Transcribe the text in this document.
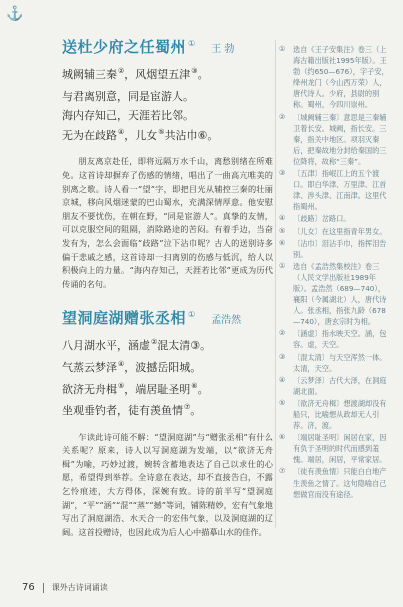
⚓
送杜少府之任蜀州 ①
王 勃
城阙辅三秦②，风烟望五津③。
与君离别意，同是宦游人。
海内存知己，天涯若比邻。
无为在歧路④，儿女⑤共沾巾⑥。
朋友离京赴任，即将远隔万水千山，离愁别绪在所难免。这首诗却摒弃了伤感的情绪，唱出了一曲高亢唯美的别离之歌。诗人看一“望”字，即把目光从辅控三秦的壮丽京城，移向风烟迷蒙的巴山蜀水，充满深情厚意。他安慰朋友不要忧伤，在朝在野，“同是宦游人”。真挚的友情，可以克服空间的阻隔，消除路途的苦闷。有着手边，当奋发有为，怎么会面临“歧路”泣下沾巾呢？古人的送别诗多偏于悲戚之感，这首诗却一扫离别的伤感与低沉，给人以积极向上的力量。“海内存知己，天涯若比邻”更成为历代传诵的名句。
望洞庭湖赠张丞相 ①
孟浩然
八月湖水平，涵虚②混太清③。
气蒸云梦泽④，波撼岳阳城。
欲济无舟楫⑤，端居耻圣明⑥。
坐观垂钓者，徒有羡鱼情⑦。
乍读此诗可能不解：“望洞庭湖”与“赠张丞相”有什么关系呢？原来，诗人以写洞庭湖为发端，以“欲济无舟楫”为喻，巧妙过渡，婉转含蓄地表达了自己以求仕的心愿，希望得到举荐。全诗意在表达，却不直接告白，不露乞怜痕迹，大方得体，深婉有致。诗的前半写“望洞庭湖”，“平”“涵”“混”“蒸”“撼”等词，铺陈精妙，宏有气象地写出了洞庭湖浩、水天合一的宏伟气象，以及洞庭湖的辽阔。这首投赠诗，也因此成为后人心中描摹山水的佳作。
①	选自《王子安集注》卷三（上海古籍出版社1995年版）。王勃（约650—676），字子安，绛州龙门（今山西万荣）人，唐代诗人。少府，县尉的别称。蜀州，今四川崇州。
②	〔城阙辅三秦〕意思是三秦辅卫着长安。城阙，指长安。三秦，指关中地区。项羽灭秦后，把秦故地分封给秦国的三位降将，故称“三秦”。
③	〔五津〕指岷江上的五个渡口。即白华津、万里津、江首津、涉头津、江南津。这里代指蜀州。
④	〔歧路〕岔路口。
⑤	〔儿女〕在这里指青年男女。
⑥	〔沾巾〕泪沾手巾，指挥泪告别。
①	选自《孟浩然集校注》卷三（人民文学出版社1989年版）。孟浩然（689—740），襄阳（今属湖北）人，唐代诗人。张丞相，指张九龄（678—740），唐玄宗时为相。
②	〔涵虚〕指水映天空。涵，包容。虚，天空。
③	〔混太清〕与天空浑然一体。太清，天空。
④	〔云梦泽〕古代大泽，在洞庭湖北面。
⑤	〔欲济无舟楫〕想渡湖却没有船只，比喻想从政却无人引荐。济，渡。
⑥	〔端居耻圣明〕闲居在家，因有负于圣明的时代而感到羞愧。端居，闲居，平常家居。
⑦	〔徒有羡鱼情〕只能白白地产生羡鱼之情了。这句隐喻自己想做官而没有途径。
76 课外古诗词诵读
